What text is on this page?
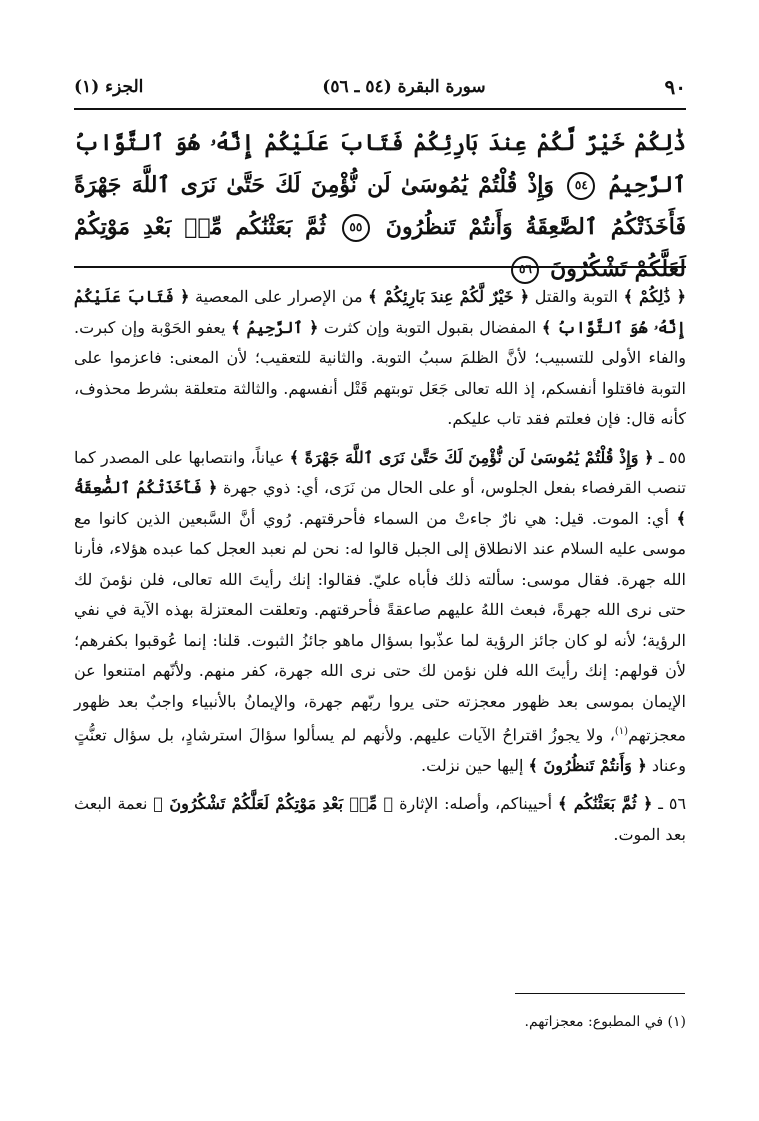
٩٠
سورة البقرة (٥٤ ـ ٥٦)
الجزء (١)
ذَٰلِكُمْ خَيْرٌ لَّكُمْ عِندَ بَارِئِكُمْ فَتَابَ عَلَيْكُمْ إِنَّهُۥ هُوَ ٱلتَّوَّابُ ٱلرَّحِيمُ ٥٤ وَإِذْ قُلْتُمْ يَٰمُوسَىٰ لَن نُّؤْمِنَ لَكَ حَتَّىٰ نَرَى ٱللَّهَ جَهْرَةً فَأَخَذَتْكُمُ ٱلصَّٰعِقَةُ وَأَنتُمْ تَنظُرُونَ ٥٥ ثُمَّ بَعَثْنَٰكُم مِّنۢ بَعْدِ مَوْتِكُمْ لَعَلَّكُمْ تَشْكُرُونَ ٥٦

﴿ ذَٰلِكُمْ ﴾ التوبة والقتل ﴿ خَيْرٌ لَّكُمْ عِندَ بَارِئِكُمْ ﴾ من الإصرار على المعصية ﴿ فَتَابَ عَلَيْكُمْ إِنَّهُۥ هُوَ ٱلتَّوَّابُ ﴾ المفضال بقبول التوبة وإن كثرت ﴿ ٱلرَّحِيمُ ﴾ يعفو الحَوْبة وإن كبرت. والفاء الأولى للتسبيب؛ لأنَّ الظلمَ سببُ التوبة. والثانية للتعقيب؛ لأن المعنى: فاعزموا على التوبة فاقتلوا أنفسكم، إذ الله تعالى جَعَل توبتهم قَتْل أنفسهم. والثالثة متعلقة بشرط محذوف، كأنه قال: فإن فعلتم فقد تاب عليكم.

٥٥ ـ ﴿ وَإِذْ قُلْتُمْ يَٰمُوسَىٰ لَن نُّؤْمِنَ لَكَ حَتَّىٰ نَرَى ٱللَّهَ جَهْرَةً ﴾ عياناً، وانتصابها على المصدر كما تنصب القرفصاء بفعل الجلوس، أو على الحال من نَرَى، أي: ذوي جهرة ﴿ فَأَخَذَتْكُمُ ٱلصَّٰعِقَةُ ﴾ أي: الموت. قيل: هي نارٌ جاءتْ من السماء فأحرقتهم. رُوي أنَّ السَّبعين الذين كانوا مع موسى عليه السلام عند الانطلاق إلى الجبل قالوا له: نحن لم نعبد العجل كما عبده هؤلاء، فأرنا الله جهرة. فقال موسى: سألته ذلك فأباه عليّ. فقالوا: إنك رأيتَ الله تعالى، فلن نؤمنَ لك حتى نرى الله جهرةً، فبعث اللهُ عليهم صاعقةً فأحرقتهم. وتعلقت المعتزلة بهذه الآية في نفي الرؤية؛ لأنه لو كان جائز الرؤية لما عذّبوا بسؤال ماهو جائزُ الثبوت. قلنا: إنما عُوقبوا بكفرهم؛ لأن قولهم: إنك رأيتَ الله فلن نؤمن لك حتى نرى الله جهرة، كفر منهم. ولأنّهم امتنعوا عن الإيمان بموسى بعد ظهور معجزته حتى يروا ربّهم جهرة، والإيمانُ بالأنبياء واجبٌ بعد ظهور معجزتهم$^{(١)}$، ولا يجوزُ اقتراحُ الآيات عليهم. ولأنهم لم يسألوا سؤالَ استرشادٍ، بل سؤال تعنُّتٍ وعناد ﴿ وَأَنتُمْ تَنظُرُونَ ﴾ إليها حين نزلت.

٥٦ ـ ﴿ ثُمَّ بَعَثْنَٰكُم ﴾ أحييناكم، وأصله: الإثارة ﴿ مِّنۢ بَعْدِ مَوْتِكُمْ لَعَلَّكُمْ تَشْكُرُونَ ﴾ نعمة البعث بعد الموت.

(١) في المطبوع: معجزاتهم.
